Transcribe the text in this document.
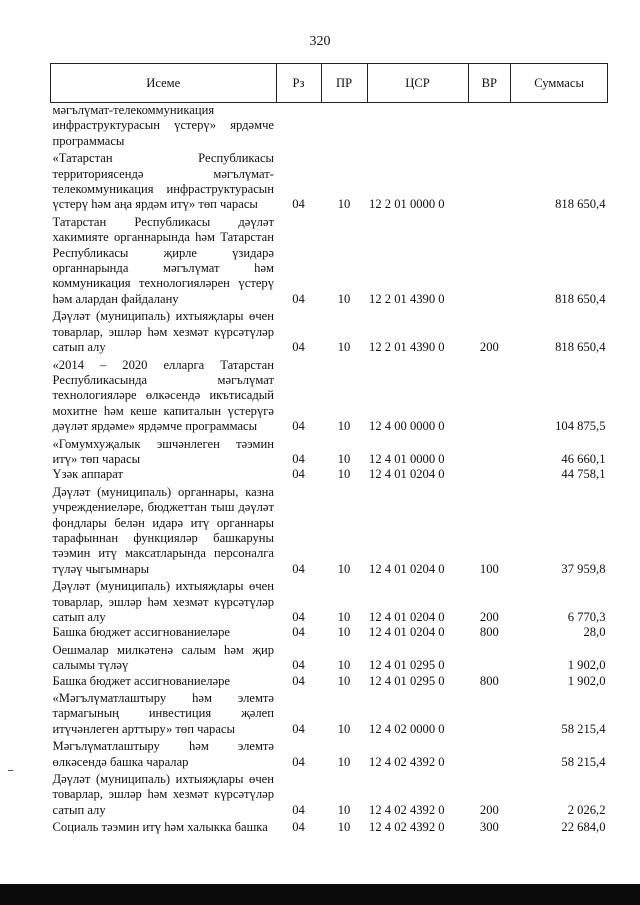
320
Исеме	Рз	ПР	ЦСР	ВР	Суммасы
мәгълүмат-телекоммуникация инфраструктурасын үстерү» ярдәмче программасы					
«Татарстан Республикасы территориясендә мәгълүмат-телекоммуникация инфраструктурасын үстерү һәм аңа ярдәм итү» төп чарасы	04	10	12 2 01 0000 0		818 650,4
Татарстан Республикасы дәүләт хакимияте органнарында һәм Татарстан Республикасы җирле үзидарә органнарында мәгълүмат һәм коммуникация технологияләрен үстерү һәм алардан файдалану	04	10	12 2 01 4390 0		818 650,4
Дәүләт (муниципаль) ихтыяҗлары өчен товарлар, эшләр һәм хезмәт күрсәтүләр сатып алу	04	10	12 2 01 4390 0	200	818 650,4
«2014 – 2020 елларга Татарстан Республикасында мәгълүмат технологияләре өлкәсендә икътисадый мохитне һәм кеше капиталын үстерүгә дәүләт ярдәме» ярдәмче программасы	04	10	12 4 00 0000 0		104 875,5
«Гомумхуҗалык эшчәнлеген тәэмин итү» төп чарасы	04	10	12 4 01 0000 0		46 660,1
Үзәк аппарат	04	10	12 4 01 0204 0		44 758,1
Дәүләт (муниципаль) органнары, казна учреждениеләре, бюджеттан тыш дәүләт фондлары белән идарә итү органнары тарафыннан функцияләр башкаруны тәэмин итү максатларында персоналга түләү чыгымнары	04	10	12 4 01 0204 0	100	37 959,8
Дәүләт (муниципаль) ихтыяҗлары өчен товарлар, эшләр һәм хезмәт күрсәтүләр сатып алу	04	10	12 4 01 0204 0	200	6 770,3
Башка бюджет ассигнованиеләре	04	10	12 4 01 0204 0	800	28,0
Оешмалар милкәтенә салым һәм җир салымы түләү	04	10	12 4 01 0295 0		1 902,0
Башка бюджет ассигнованиеләре	04	10	12 4 01 0295 0	800	1 902,0
«Мәгълүматлаштыру һәм элемтә тармагының инвестиция җәлеп итүчәнлеген арттыру» төп чарасы	04	10	12 4 02 0000 0		58 215,4
Мәгълүматлаштыру һәм элемтә өлкәсендә башка чаралар	04	10	12 4 02 4392 0		58 215,4
Дәүләт (муниципаль) ихтыяҗлары өчен товарлар, эшләр һәм хезмәт күрсәтүләр сатып алу	04	10	12 4 02 4392 0	200	2 026,2
Социаль тәэмин итү һәм халыкка башка	04	10	12 4 02 4392 0	300	22 684,0
